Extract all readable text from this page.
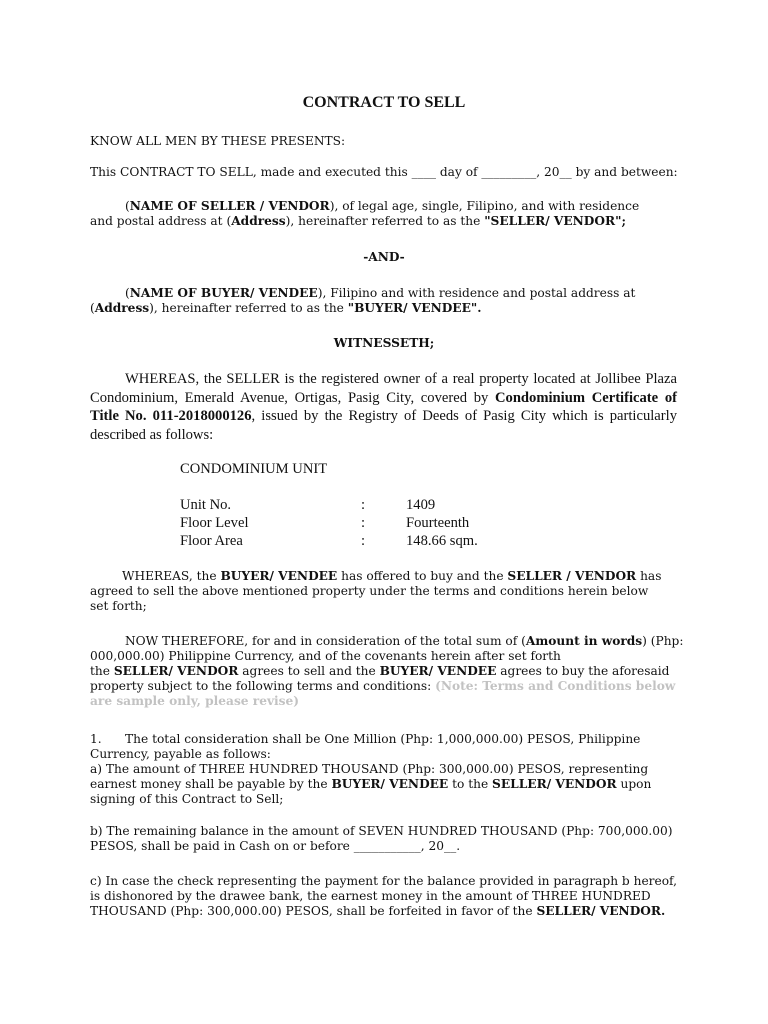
CONTRACT TO SELL
KNOW ALL MEN BY THESE PRESENTS:
This CONTRACT TO SELL, made and executed this ____ day of _________, 20__ by and between:
(NAME OF SELLER / VENDOR), of legal age, single, Filipino, and with residence and postal address at (Address), hereinafter referred to as the "SELLER/ VENDOR";
-AND-
(NAME OF BUYER/ VENDEE), Filipino and with residence and postal address at (Address), hereinafter referred to as the "BUYER/ VENDEE".
WITNESSETH;
WHEREAS, the SELLER is the registered owner of a real property located at Jollibee Plaza Condominium, Emerald Avenue, Ortigas, Pasig City, covered by Condominium Certificate of Title No. 011-2018000126, issued by the Registry of Deeds of Pasig City which is particularly described as follows:
CONDOMINIUM UNIT
Unit No.	:	1409
Floor Level	:	Fourteenth
Floor Area	:	148.66 sqm.
WHEREAS, the BUYER/ VENDEE has offered to buy and the SELLER / VENDOR has agreed to sell the above mentioned property under the terms and conditions herein below set forth;
NOW THEREFORE, for and in consideration of the total sum of (Amount in words) (Php: 000,000.00) Philippine Currency, and of the covenants herein after set forth
the SELLER/ VENDOR agrees to sell and the BUYER/ VENDEE agrees to buy the aforesaid
property subject to the following terms and conditions: (Note: Terms and Conditions below are sample only, please revise)
1. The total consideration shall be One Million (Php: 1,000,000.00) PESOS, Philippine
Currency, payable as follows:
a) The amount of THREE HUNDRED THOUSAND (Php: 300,000.00) PESOS, representing
earnest money shall be payable by the BUYER/ VENDEE to the SELLER/ VENDOR upon
signing of this Contract to Sell;
b) The remaining balance in the amount of SEVEN HUNDRED THOUSAND (Php: 700,000.00)
PESOS, shall be paid in Cash on or before ___________, 20__.
c) In case the check representing the payment for the balance provided in paragraph b hereof,
is dishonored by the drawee bank, the earnest money in the amount of THREE HUNDRED
THOUSAND (Php: 300,000.00) PESOS, shall be forfeited in favor of the SELLER/ VENDOR.
